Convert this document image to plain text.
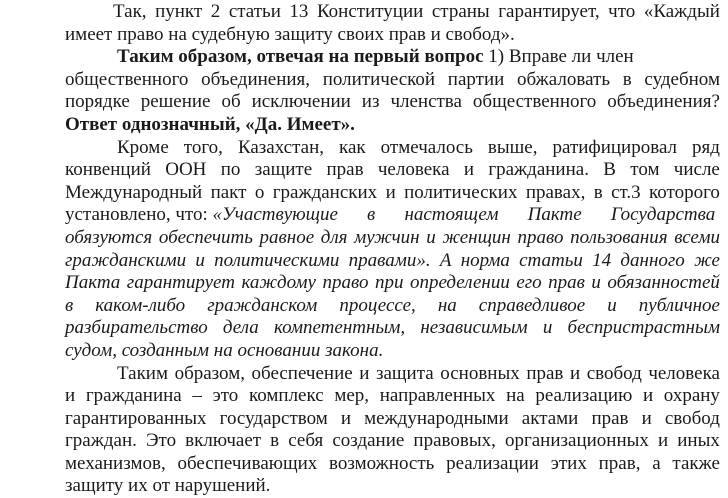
Так, пункт 2 статьи 13 Конституции страны гарантирует, что «Каждый
имеет право на судебную защиту своих прав и свобод».
Таким образом, отвечая на первый вопрос 1) Вправе ли член
общественного объединения, политической партии обжаловать в судебном
порядке решение об исключении из членства общественного объединения?
Ответ однозначный, «Да. Имеет».
Кроме того, Казахстан, как отмечалось выше, ратифицировал ряд
конвенций ООН по защите прав человека и гражданина. В том числе
Международный пакт о гражданских и политических правах, в ст.3 которого
установлено, что: «Участвующие в настоящем Пакте Государства
обязуются обеспечить равное для мужчин и женщин право пользования всеми
гражданскими и политическими правами». А норма статьи 14 данного же
Пакта гарантирует каждому право при определении его прав и обязанностей
в каком-либо гражданском процессе, на справедливое и публичное
разбирательство дела компетентным, независимым и беспристрастным
судом, созданным на основании закона.
Таким образом, обеспечение и защита основных прав и свобод человека
и гражданина – это комплекс мер, направленных на реализацию и охрану
гарантированных государством и международными актами прав и свобод
граждан. Это включает в себя создание правовых, организационных и иных
механизмов, обеспечивающих возможность реализации этих прав, а также
защиту их от нарушений.
